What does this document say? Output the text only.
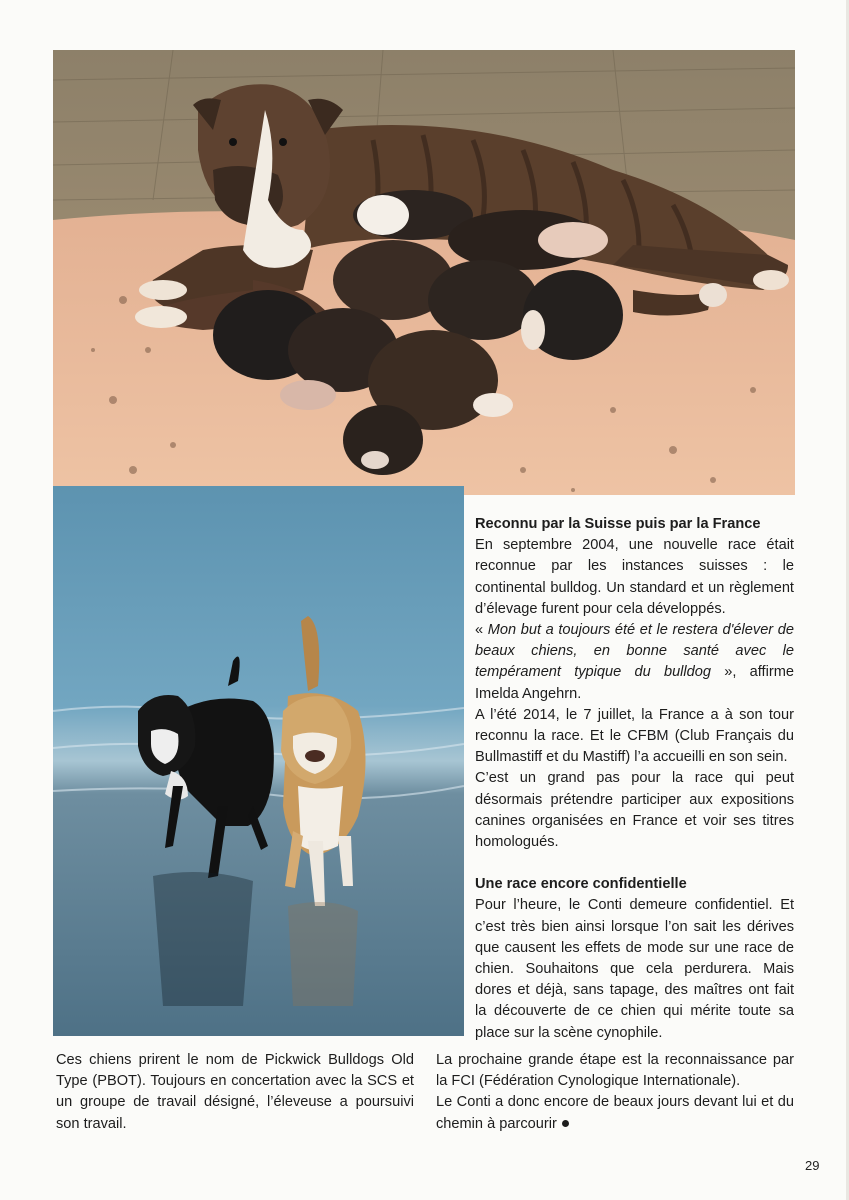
Reconnu par la Suisse puis par la France

En septembre 2004, une nouvelle race était reconnue par les instances suisses : le continental bulldog. Un standard et un règlement d’élevage furent pour cela développés.

« Mon but a toujours été et le restera d'élever de beaux chiens, en bonne santé avec le tempérament typique du bulldog », affirme Imelda Angehrn.

A l’été 2014, le 7 juillet, la France a à son tour reconnu la race. Et le CFBM (Club Français du Bullmastiff et du Mastiff) l’a accueilli en son sein.

C’est un grand pas pour la race qui peut désormais prétendre participer aux expositions canines organisées en France et voir ses titres homologués.

Une race encore confidentielle

Pour l’heure, le Conti demeure confidentiel. Et c’est très bien ainsi lorsque l’on sait les dérives que causent les effets de mode sur une race de chien. Souhaitons que cela perdurera. Mais dores et déjà, sans tapage, des maîtres ont fait la découverte de ce chien qui mérite toute sa place sur la scène cynophile.

Ces chiens prirent le nom de Pickwick Bulldogs Old Type (PBOT). Toujours en concertation avec la SCS et un groupe de travail désigné, l’éleveuse a poursuivi son travail.

La prochaine grande étape est la reconnaissance par la FCI (Fédération Cynologique Internationale).

Le Conti a donc encore de beaux jours devant lui et du chemin à parcourir

29
